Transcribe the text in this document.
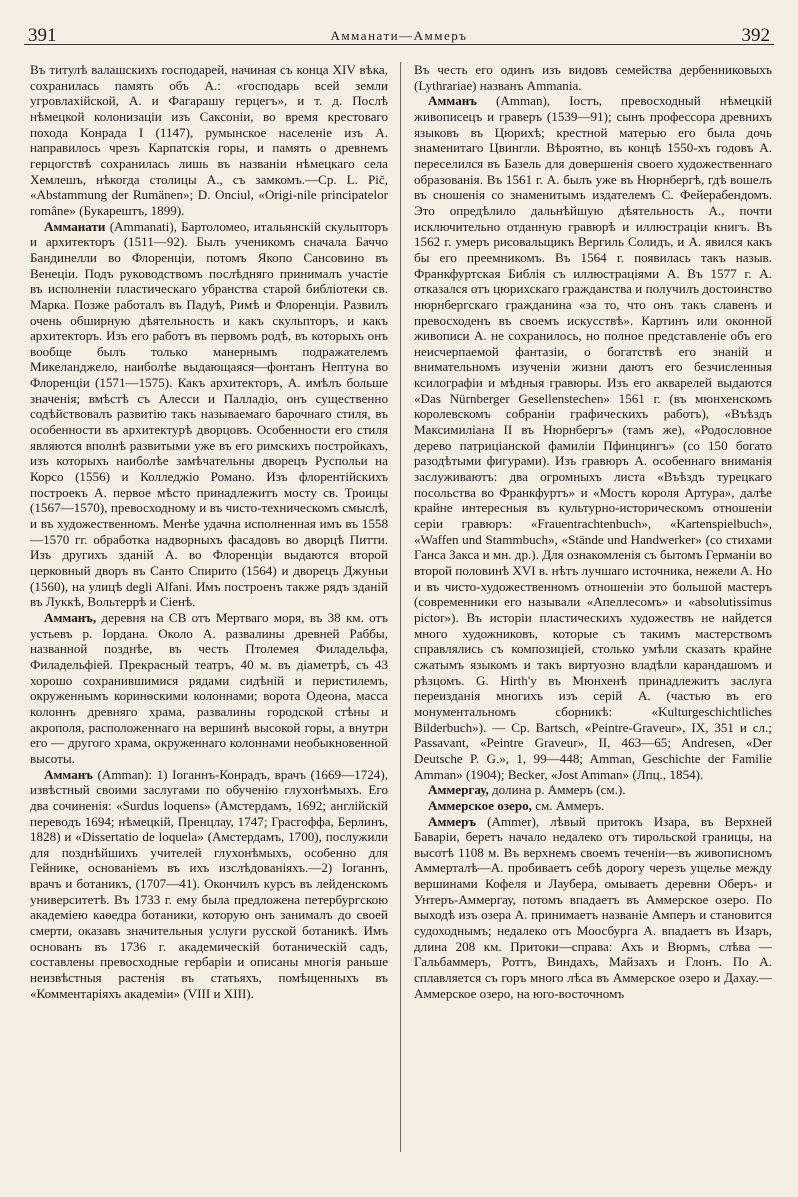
391	Амманати—Аммеръ	392

Въ титулѣ валашскихъ господарей, начиная съ конца XIV вѣка, сохранилась память объ А.: «господарь всей земли угровлахійской, А. и Фагарашу герцегъ», и т. д. Послѣ нѣмецкой колонизаціи изъ Саксоніи, во время крестоваго похода Конрада I (1147), румынское населеніе изъ А. направилось чрезъ Карпатскія горы, и память о древнемъ герцогствѣ сохранилась лишь въ названіи нѣмецкаго села Хемлешъ, нѣкогда столицы А., съ замкомъ.—Ср. L. Pič, «Abstammung der Rumänen»; D. Onciul, «Origi-nile principatelor române» (Букарештъ, 1899).

Амманати (Ammanati), Бартоломео, итальянскій скульпторъ и архитекторъ (1511—92). Былъ ученикомъ сначала Баччо Бандинелли во Флоренціи, потомъ Якопо Сансовино въ Венеціи. Подъ руководствомъ послѣдняго принималъ участіе въ исполненіи пластическаго убранства старой библіотеки св. Марка. Позже работалъ въ Падуѣ, Римѣ и Флоренціи. Развилъ очень обширную дѣятельность и какъ скульпторъ, и какъ архитекторъ. Изъ его работъ въ первомъ родѣ, въ которыхъ онъ вообще былъ только манернымъ подражателемъ Микеланджело, наиболѣе выдающаяся—фонтанъ Нептуна во Флоренціи (1571—1575). Какъ архитекторъ, А. имѣлъ больше значенія; вмѣстѣ съ Алесси и Палладіо, онъ существенно содѣйствовалъ развитію такъ называемаго барочнаго стиля, въ особенности въ архитектурѣ дворцовъ. Особенности его стиля являются вполнѣ развитыми уже въ его римскихъ постройкахъ, изъ которыхъ наиболѣе замѣчательны дворецъ Руспольи на Корсо (1556) и Колледжіо Романо. Изъ флорентійскихъ построекъ А. первое мѣсто принадлежитъ мосту св. Троицы (1567—1570), превосходному и въ чисто-техническомъ смыслѣ, и въ художественномъ. Менѣе удачна исполненная имъ въ 1558—1570 гг. обработка надворныхъ фасадовъ во дворцѣ Питти. Изъ другихъ зданій А. во Флоренціи выдаются второй церковный дворъ въ Санто Спирито (1564) и дворецъ Джуньи (1560), на улицѣ degli Alfani. Имъ построенъ также рядъ зданій въ Луккѣ, Вольтеррѣ и Сіенѣ.

Амманъ, деревня на СВ отъ Мертваго моря, въ 38 км. отъ устьевъ р. Іордана. Около А. развалины древней Раббы, названной позднѣе, въ честь Птолемея Филадельфа, Филадельфіей. Прекрасный театръ, 40 м. въ діаметрѣ, съ 43 хорошо сохранившимися рядами сидѣній и перистилемъ, окруженнымъ коринѳскими колоннами; ворота Одеона, масса колоннъ древняго храма, развалины городской стѣны и акрополя, расположеннаго на вершинѣ высокой горы, а внутри его — другого храма, окруженнаго колоннами необыкновенной высоты.

Амманъ (Amman): 1) Іоганнъ-Конрадъ, врачъ (1669—1724), извѣстный своими заслугами по обученію глухонѣмыхъ. Его два сочиненія: «Surdus loquens» (Амстердамъ, 1692; англійскій переводъ 1694; нѣмецкій, Пренцлау, 1747; Грасгоффа, Берлинъ, 1828) и «Dissertatio de loquela» (Амстердамъ, 1700), послужили для позднѣйшихъ учителей глухонѣмыхъ, особенно для Гейнике, основаніемъ въ ихъ изслѣдованіяхъ.—2) Іоганнъ, врачъ и ботаникъ, (1707—41). Окончилъ курсъ въ лейденскомъ университетѣ. Въ 1733 г. ему была предложена петербургскою академіею каѳедра ботаники, которую онъ занималъ до своей смерти, оказавъ значительныя услуги русской ботаникѣ. Имъ основанъ въ 1736 г. академическій ботаническій садъ, составлены превосходные гербаріи и описаны многія раньше неизвѣстныя растенія въ статьяхъ, помѣщенныхъ въ «Комментаріяхъ академіи» (VIII и XIII).

Въ честь его одинъ изъ видовъ семейства дербенниковыхъ (Lythrariae) названъ Ammania.

Амманъ (Amman), Іостъ, превосходный нѣмецкій живописецъ и граверъ (1539—91); сынъ профессора древнихъ языковъ въ Цюрихѣ; крестной матерью его была дочь знаменитаго Цвингли. Вѣроятно, въ концѣ 1550-хъ годовъ А. переселился въ Базель для довершенія своего художественнаго образованія. Въ 1561 г. А. былъ уже въ Нюрнбергѣ, гдѣ вошелъ въ сношенія со знаменитымъ издателемъ С. Фейерабендомъ. Это опредѣлило дальнѣйшую дѣятельность А., почти исключительно отданную гравюрѣ и иллюстраціи книгъ. Въ 1562 г. умеръ рисовальщикъ Вергиль Солидъ, и А. явился какъ бы его преемникомъ. Въ 1564 г. появилась такъ назыв. Франкфуртская Библія съ иллюстраціями А. Въ 1577 г. А. отказался отъ цюрихскаго гражданства и получилъ достоинство нюрнбергскаго гражданина «за то, что онъ такъ славенъ и превосходенъ въ своемъ искусствѣ». Картинъ или оконной живописи А. не сохранилось, но полное представленіе объ его неисчерпаемой фантазіи, о богатствѣ его знаній и внимательномъ изученіи жизни даютъ его безчисленныя ксилографіи и мѣдныя гравюры. Изъ его акварелей выдаются «Das Nürnberger Gesellenstechen» 1561 г. (въ мюнхенскомъ королевскомъ собраніи графическихъ работъ), «Въѣздъ Максимиліана II въ Нюрнбергъ» (тамъ же), «Родословное дерево патриціанской фамиліи Пфинцингъ» (со 150 богато разодѣтыми фигурами). Изъ гравюръ А. особеннаго вниманія заслуживаютъ: два огромныхъ листа «Въѣздъ турецкаго посольства во Франкфуртъ» и «Мостъ короля Артура», далѣе крайне интересныя въ культурно-историческомъ отношеніи серіи гравюръ: «Frauentrachtenbuch», «Kartenspielbuch», «Waffen und Stammbuch», «Stände und Handwerker» (со стихами Ганса Закса и мн. др.). Для ознакомленія съ бытомъ Германіи во второй половинѣ XVI в. нѣтъ лучшаго источника, нежели А. Но и въ чисто-художественномъ отношеніи это большой мастеръ (современники его называли «Апеллесомъ» и «absolutissimus pictor»). Въ исторіи пластическихъ художествъ не найдется много художниковъ, которые съ такимъ мастерствомъ справлялись съ композиціей, столько умѣли сказать крайне сжатымъ языкомъ и такъ виртуозно владѣли карандашомъ и рѣзцомъ. G. Hirth'у въ Мюнхенѣ принадлежитъ заслуга переизданія многихъ изъ серій А. (частью въ его монументальномъ сборникѣ: «Kulturgeschichtliches Bilderbuch»). — Ср. Bartsch, «Peintre-Graveur», IX, 351 и сл.; Passavant, «Peintre Graveur», II, 463—65; Andresen, «Der Deutsche P. G.», 1, 99—448; Amman, Geschichte der Familie Amman» (1904); Becker, «Jost Amman» (Лпц., 1854).

Аммергау, долина р. Аммеръ (см.).

Аммерское озеро, см. Аммеръ.

Аммеръ (Ammer), лѣвый притокъ Изара, въ Верхней Баваріи, беретъ начало недалеко отъ тирольской границы, на высотѣ 1108 м. Въ верхнемъ своемъ теченіи—въ живописномъ Аммерталѣ—А. пробиваетъ себѣ дорогу черезъ ущелье между вершинами Кофеля и Лаубера, омываетъ деревни Оберъ- и Унтеръ-Аммергау, потомъ впадаетъ въ Аммерское озеро. По выходѣ изъ озера А. принимаетъ названіе Амперъ и становится судоходнымъ; недалеко отъ Моосбурга А. впадаетъ въ Изаръ, длина 208 км. Притоки—справа: Ахъ и Вюрмъ, слѣва — Гальбаммеръ, Роттъ, Виндахъ, Майзахъ и Глонъ. По А. сплавляется съ горъ много лѣса въ Аммерское озеро и Дахау.—Аммерское озеро, на юго-восточномъ
